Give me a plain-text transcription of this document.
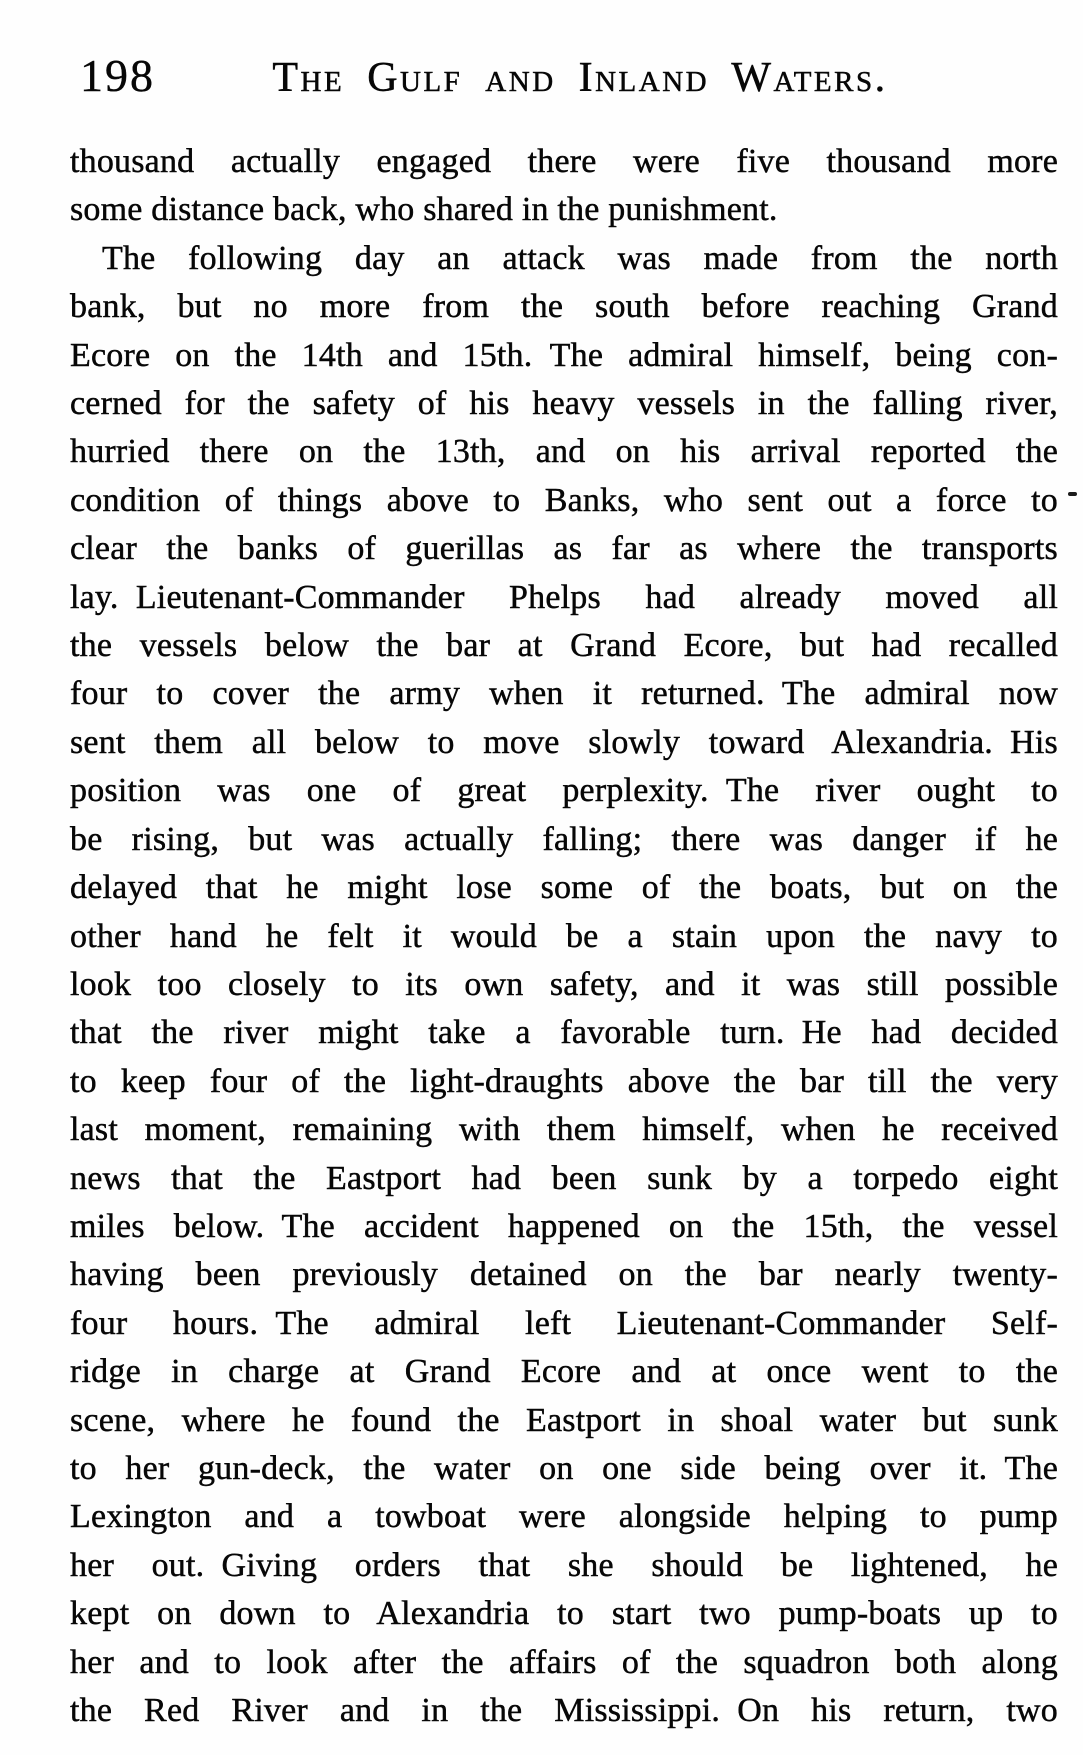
198	The Gulf and Inland Waters.
thousand actually engaged there were five thousand more
some distance back, who shared in the punishment.
The following day an attack was made from the north
bank, but no more from the south before reaching Grand
Ecore on the 14th and 15th. The admiral himself, being con-
cerned for the safety of his heavy vessels in the falling river,
hurried there on the 13th, and on his arrival reported the
condition of things above to Banks, who sent out a force to
clear the banks of guerillas as far as where the transports
lay. Lieutenant-Commander Phelps had already moved all
the vessels below the bar at Grand Ecore, but had recalled
four to cover the army when it returned. The admiral now
sent them all below to move slowly toward Alexandria. His
position was one of great perplexity. The river ought to
be rising, but was actually falling; there was danger if he
delayed that he might lose some of the boats, but on the
other hand he felt it would be a stain upon the navy to
look too closely to its own safety, and it was still possible
that the river might take a favorable turn. He had decided
to keep four of the light-draughts above the bar till the very
last moment, remaining with them himself, when he received
news that the Eastport had been sunk by a torpedo eight
miles below. The accident happened on the 15th, the vessel
having been previously detained on the bar nearly twenty-
four hours. The admiral left Lieutenant-Commander Self-
ridge in charge at Grand Ecore and at once went to the
scene, where he found the Eastport in shoal water but sunk
to her gun-deck, the water on one side being over it. The
Lexington and a towboat were alongside helping to pump
her out. Giving orders that she should be lightened, he
kept on down to Alexandria to start two pump-boats up to
her and to look after the affairs of the squadron both along
the Red River and in the Mississippi. On his return, two
